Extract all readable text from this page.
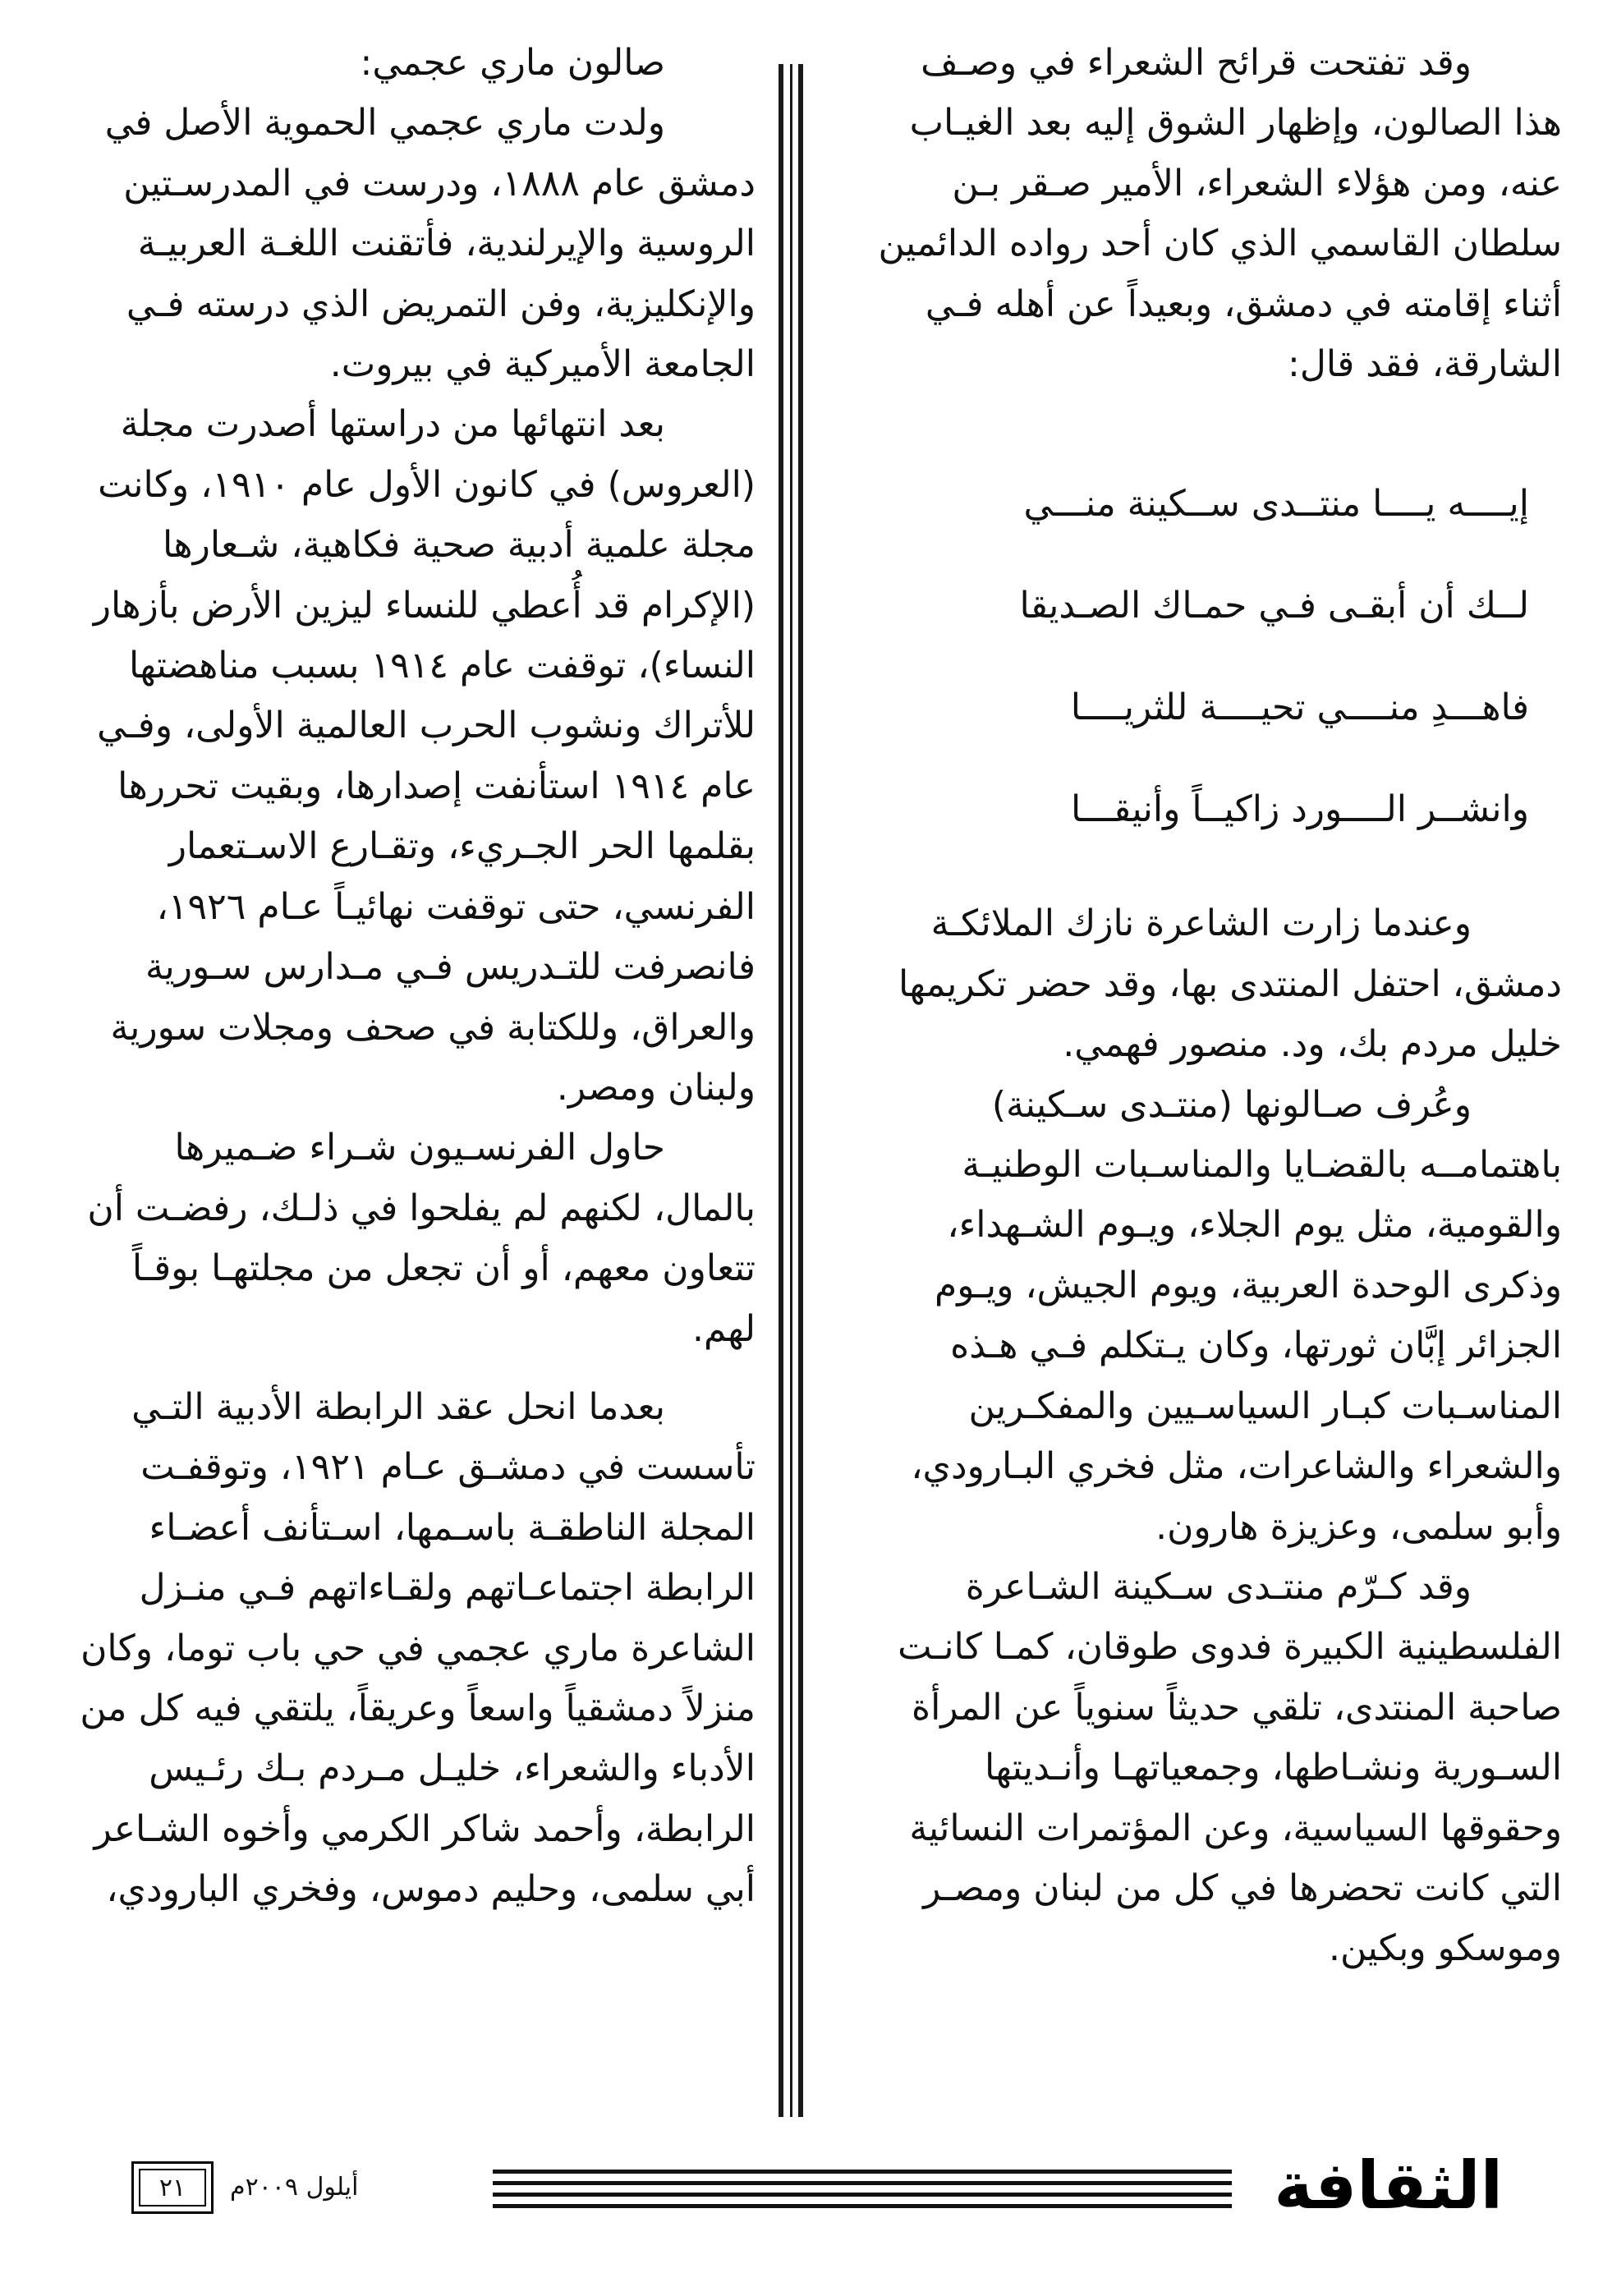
وقد تفتحت قرائح الشعراء في وصـف
هذا الصالون، وإظهار الشوق إليه بعد الغيـاب
عنه، ومن هؤلاء الشعراء، الأمير صـقر بـن
سلطان القاسمي الذي كان أحد رواده الدائمين
أثناء إقامته في دمشق، وبعيداً عن أهله فـي
الشارقة، فقد قال:

إيــــه يــــا منتــدى ســكينة منـــي
لــك أن أبقـى فـي حمـاك الصـديقا
فاهـــدِ منــــي تحيــــة للثريــــا
وانشــر الــــورد زاكيــاً وأنيقـــا

وعندما زارت الشاعرة نازك الملائكـة
دمشق، احتفل المنتدى بها، وقد حضر تكريمها
خليل مردم بك، ود. منصور فهمي.

وعُرف صـالونها (منتـدى سـكينة)
باهتمامــه بالقضـايا والمناسـبات الوطنيـة
والقومية، مثل يوم الجلاء، ويـوم الشـهداء،
وذكرى الوحدة العربية، ويوم الجيش، ويـوم
الجزائر إبَّان ثورتها، وكان يـتكلم فـي هـذه
المناسـبات كبـار السياسـيين والمفكـرين
والشعراء والشاعرات، مثل فخري البـارودي،
وأبو سلمى، وعزيزة هارون.

وقد كـرّم منتـدى سـكينة الشـاعرة
الفلسطينية الكبيرة فدوى طوقان، كمـا كانـت
صاحبة المنتدى، تلقي حديثاً سنوياً عن المرأة
السـورية ونشـاطها، وجمعياتهـا وأنـديتها
وحقوقها السياسية، وعن المؤتمرات النسائية
التي كانت تحضرها في كل من لبنان ومصـر
وموسكو وبكين.

صالون ماري عجمي:

ولدت ماري عجمي الحموية الأصل في
دمشق عام ١٨٨٨، ودرست في المدرسـتين
الروسية والإيرلندية، فأتقنت اللغـة العربيـة
والإنكليزية، وفن التمريض الذي درسته فـي
الجامعة الأميركية في بيروت.

بعد انتهائها من دراستها أصدرت مجلة
(العروس) في كانون الأول عام ١٩١٠، وكانت
مجلة علمية أدبية صحية فكاهية، شـعارها
(الإكرام قد أُعطي للنساء ليزين الأرض بأزهار
النساء)، توقفت عام ١٩١٤ بسبب مناهضتها
للأتراك ونشوب الحرب العالمية الأولى، وفـي
عام ١٩١٤ استأنفت إصدارها، وبقيت تحررها
بقلمها الحر الجـريء، وتقـارع الاسـتعمار
الفرنسي، حتى توقفت نهائيـاً عـام ١٩٢٦،
فانصرفت للتـدريس فـي مـدارس سـورية
والعراق، وللكتابة في صحف ومجلات سورية
ولبنان ومصر.

حاول الفرنسـيون شـراء ضـميرها
بالمال، لكنهم لم يفلحوا في ذلـك، رفضـت أن
تتعاون معهم، أو أن تجعل من مجلتهـا بوقـاً
لهم.

بعدما انحل عقد الرابطة الأدبية التـي
تأسست في دمشـق عـام ١٩٢١، وتوقفـت
المجلة الناطقـة باسـمها، اسـتأنف أعضـاء
الرابطة اجتماعـاتهم ولقـاءاتهم فـي منـزل
الشاعرة ماري عجمي في حي باب توما، وكان
منزلاً دمشقياً واسعاً وعريقاً، يلتقي فيه كل من
الأدباء والشعراء، خليـل مـردم بـك رئـيس
الرابطة، وأحمد شاكر الكرمي وأخوه الشـاعر
أبي سلمى، وحليم دموس، وفخري البارودي،

٢١	أيلول ٢٠٠٩م	الثقافة
